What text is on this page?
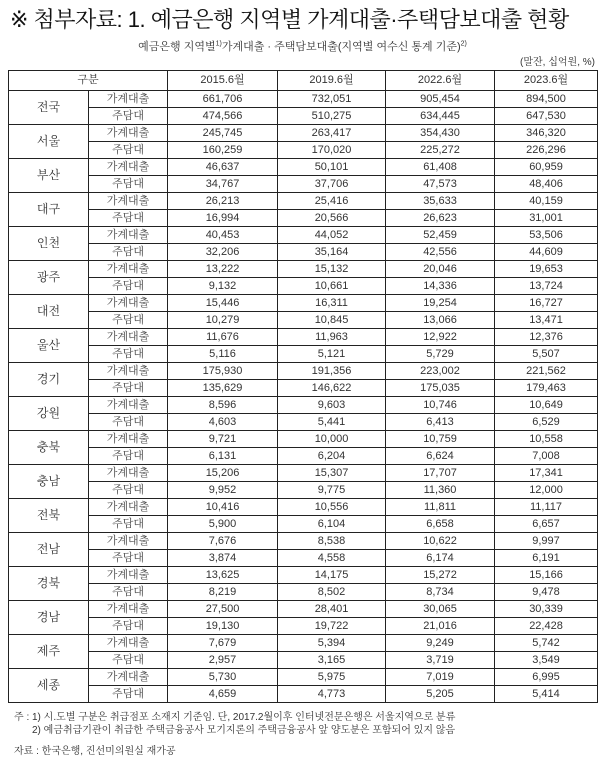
※ 첨부자료: 1. 예금은행 지역별 가계대출·주택담보대출 현황
예금은행 지역별$^{1)}$가계대출 · 주택담보대출(지역별 여수신 통계 기준)$^{2)}$
(말잔, 십억원, %)
구분		2015.6월	2019.6월	2022.6월	2023.6월
전국	가계대출	661,706	732,051	905,454	894,500
	주담대	474,566	510,275	634,445	647,530
서울	가계대출	245,745	263,417	354,430	346,320
	주담대	160,259	170,020	225,272	226,296
부산	가계대출	46,637	50,101	61,408	60,959
	주담대	34,767	37,706	47,573	48,406
대구	가계대출	26,213	25,416	35,633	40,159
	주담대	16,994	20,566	26,623	31,001
인천	가계대출	40,453	44,052	52,459	53,506
	주담대	32,206	35,164	42,556	44,609
광주	가계대출	13,222	15,132	20,046	19,653
	주담대	9,132	10,661	14,336	13,724
대전	가계대출	15,446	16,311	19,254	16,727
	주담대	10,279	10,845	13,066	13,471
울산	가계대출	11,676	11,963	12,922	12,376
	주담대	5,116	5,121	5,729	5,507
경기	가계대출	175,930	191,356	223,002	221,562
	주담대	135,629	146,622	175,035	179,463
강원	가계대출	8,596	9,603	10,746	10,649
	주담대	4,603	5,441	6,413	6,529
충북	가계대출	9,721	10,000	10,759	10,558
	주담대	6,131	6,204	6,624	7,008
충남	가계대출	15,206	15,307	17,707	17,341
	주담대	9,952	9,775	11,360	12,000
전북	가계대출	10,416	10,556	11,811	11,117
	주담대	5,900	6,104	6,658	6,657
전남	가계대출	7,676	8,538	10,622	9,997
	주담대	3,874	4,558	6,174	6,191
경북	가계대출	13,625	14,175	15,272	15,166
	주담대	8,219	8,502	8,734	9,478
경남	가계대출	27,500	28,401	30,065	30,339
	주담대	19,130	19,722	21,016	22,428
제주	가계대출	7,679	5,394	9,249	5,742
	주담대	2,957	3,165	3,719	3,549
세종	가계대출	5,730	5,975	7,019	6,995
	주담대	4,659	4,773	5,205	5,414
주 : 1) 시.도별 구분은 취급점포 소재지 기준임. 단, 2017.2월이후 인터넷전문은행은 서울지역으로 분류
2) 예금취급기관이 취급한 주택금융공사 모기지론의 주택금융공사 앞 양도분은 포함되어 있지 않음
자료 : 한국은행, 진선미의원실 재가공
